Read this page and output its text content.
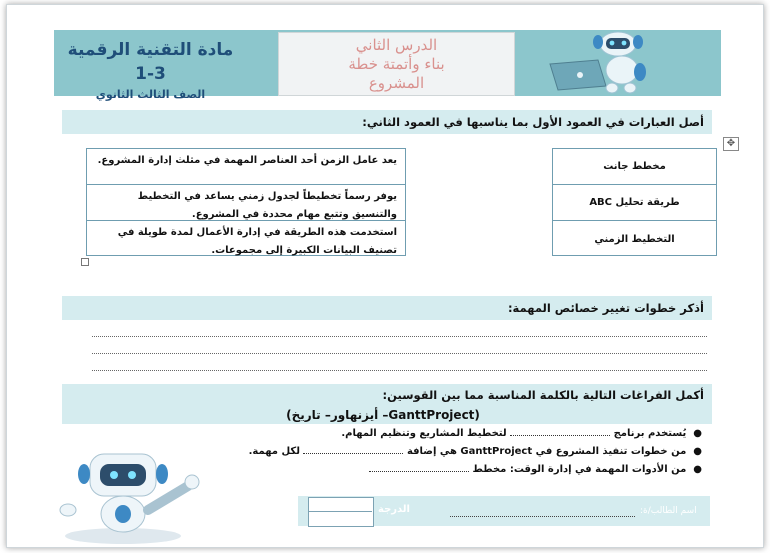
مادة التقنية الرقمية 3-1
الصف الثالث الثانوي
الدرس الثاني
بناء وأتمتة خطة
المشروع
أصل العبارات في العمود الأول بما يناسبها في العمود الثاني:
✥
يعد عامل الزمن أحد العناصر المهمة في مثلث إدارة المشروع.
يوفر رسماً تخطيطاً لجدول زمني يساعد في التخطيط والتنسيق وتتبع مهام محددة في المشروع.
استخدمت هذه الطريقة في إدارة الأعمال لمدة طويلة في تصنيف البيانات الكبيرة إلى مجموعات.
مخطط جانت
طريقة تحليل ABC
التخطيط الزمني
أذكر خطوات تغيير خصائص المهمة:
أكمل الفراغات التالية بالكلمة المناسبة مما بين القوسين:
(GanttProject– أيزنهاور– تاريخ)
●  يُستخدم برنامج  لتخطيط المشاريع وتنظيم المهام.
●  من خطوات تنفيذ المشروع في GanttProject هي إضافة  لكل مهمة.
●  من الأدوات المهمة في إدارة الوقت: مخطط
الدرجة	اسم الطالب/ة:
